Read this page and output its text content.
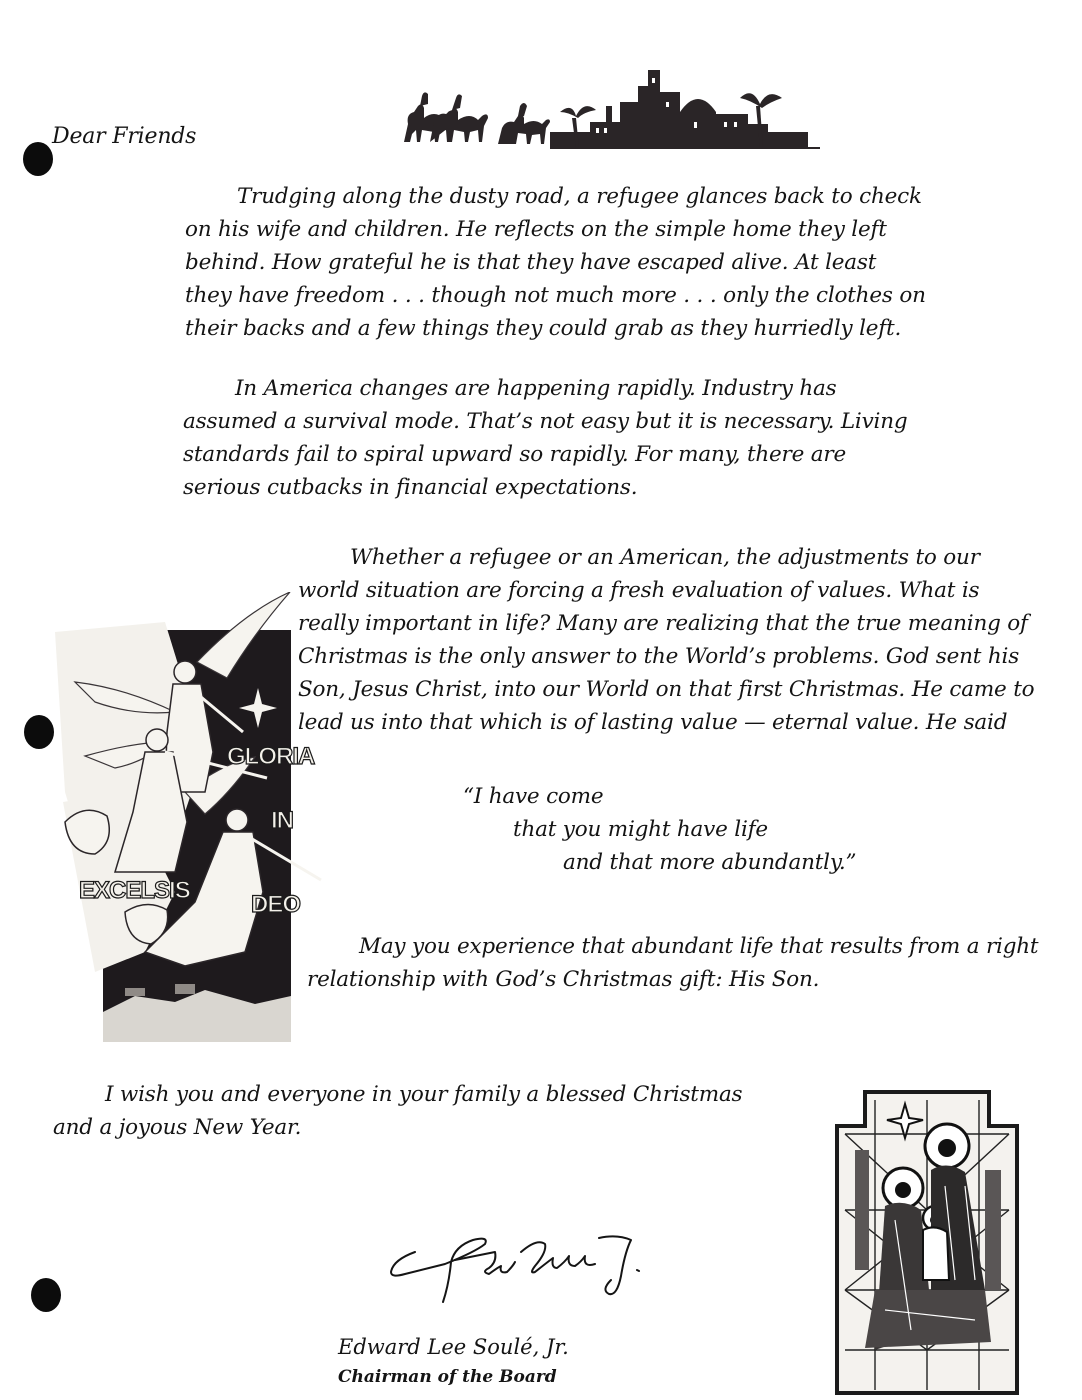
Dear Friends

Trudging along the dusty road, a refugee glances back to check
on his wife and children. He reflects on the simple home they left
behind. How grateful he is that they have escaped alive. At least
they have freedom . . . though not much more . . . only the clothes on
their backs and a few things they could grab as they hurriedly left.
In America changes are happening rapidly. Industry has
assumed a survival mode. That’s not easy but it is necessary. Living
standards fail to spiral upward so rapidly. For many, there are
serious cutbacks in financial expectations.
Whether a refugee or an American, the adjustments to our
world situation are forcing a fresh evaluation of values. What is
really important in life? Many are realizing that the true meaning of
Christmas is the only answer to the World’s problems. God sent his
Son, Jesus Christ, into our World on that first Christmas. He came to
lead us into that which is of lasting value — eternal value. He said
GLORIA
IN
EXCELSIS
DEO
“I have come
that you might have life
and that more abundantly.”
May you experience that abundant life that results from a right
relationship with God’s Christmas gift: His Son.
I wish you and everyone in your family a blessed Christmas
and a joyous New Year.

Edward Lee Soulé, Jr.

Chairman of the Board
